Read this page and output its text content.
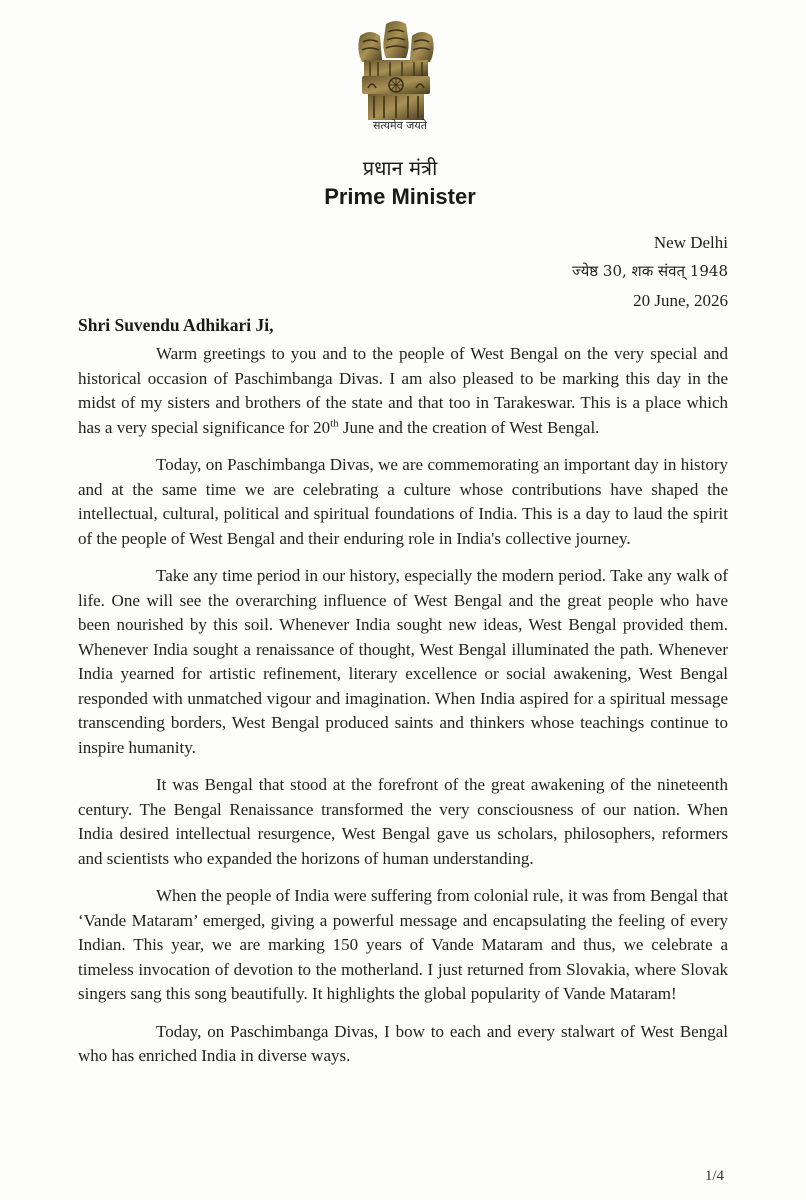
सत्यमेव जयते
प्रधान मंत्री
Prime Minister
New Delhi
ज्येष्ठ 30, शक संवत् 1948
20 June, 2026
Shri Suvendu Adhikari Ji,

Warm greetings to you and to the people of West Bengal on the very special and historical occasion of Paschimbanga Divas. I am also pleased to be marking this day in the midst of my sisters and brothers of the state and that too in Tarakeswar. This is a place which has a very special significance for 20th June and the creation of West Bengal.

Today, on Paschimbanga Divas, we are commemorating an important day in history and at the same time we are celebrating a culture whose contributions have shaped the intellectual, cultural, political and spiritual foundations of India. This is a day to laud the spirit of the people of West Bengal and their enduring role in India's collective journey.

Take any time period in our history, especially the modern period. Take any walk of life. One will see the overarching influence of West Bengal and the great people who have been nourished by this soil. Whenever India sought new ideas, West Bengal provided them. Whenever India sought a renaissance of thought, West Bengal illuminated the path. Whenever India yearned for artistic refinement, literary excellence or social awakening, West Bengal responded with unmatched vigour and imagination. When India aspired for a spiritual message transcending borders, West Bengal produced saints and thinkers whose teachings continue to inspire humanity.

It was Bengal that stood at the forefront of the great awakening of the nineteenth century. The Bengal Renaissance transformed the very consciousness of our nation. When India desired intellectual resurgence, West Bengal gave us scholars, philosophers, reformers and scientists who expanded the horizons of human understanding.

When the people of India were suffering from colonial rule, it was from Bengal that ‘Vande Mataram’ emerged, giving a powerful message and encapsulating the feeling of every Indian. This year, we are marking 150 years of Vande Mataram and thus, we celebrate a timeless invocation of devotion to the motherland. I just returned from Slovakia, where Slovak singers sang this song beautifully. It highlights the global popularity of Vande Mataram!

Today, on Paschimbanga Divas, I bow to each and every stalwart of West Bengal who has enriched India in diverse ways.

1/4
